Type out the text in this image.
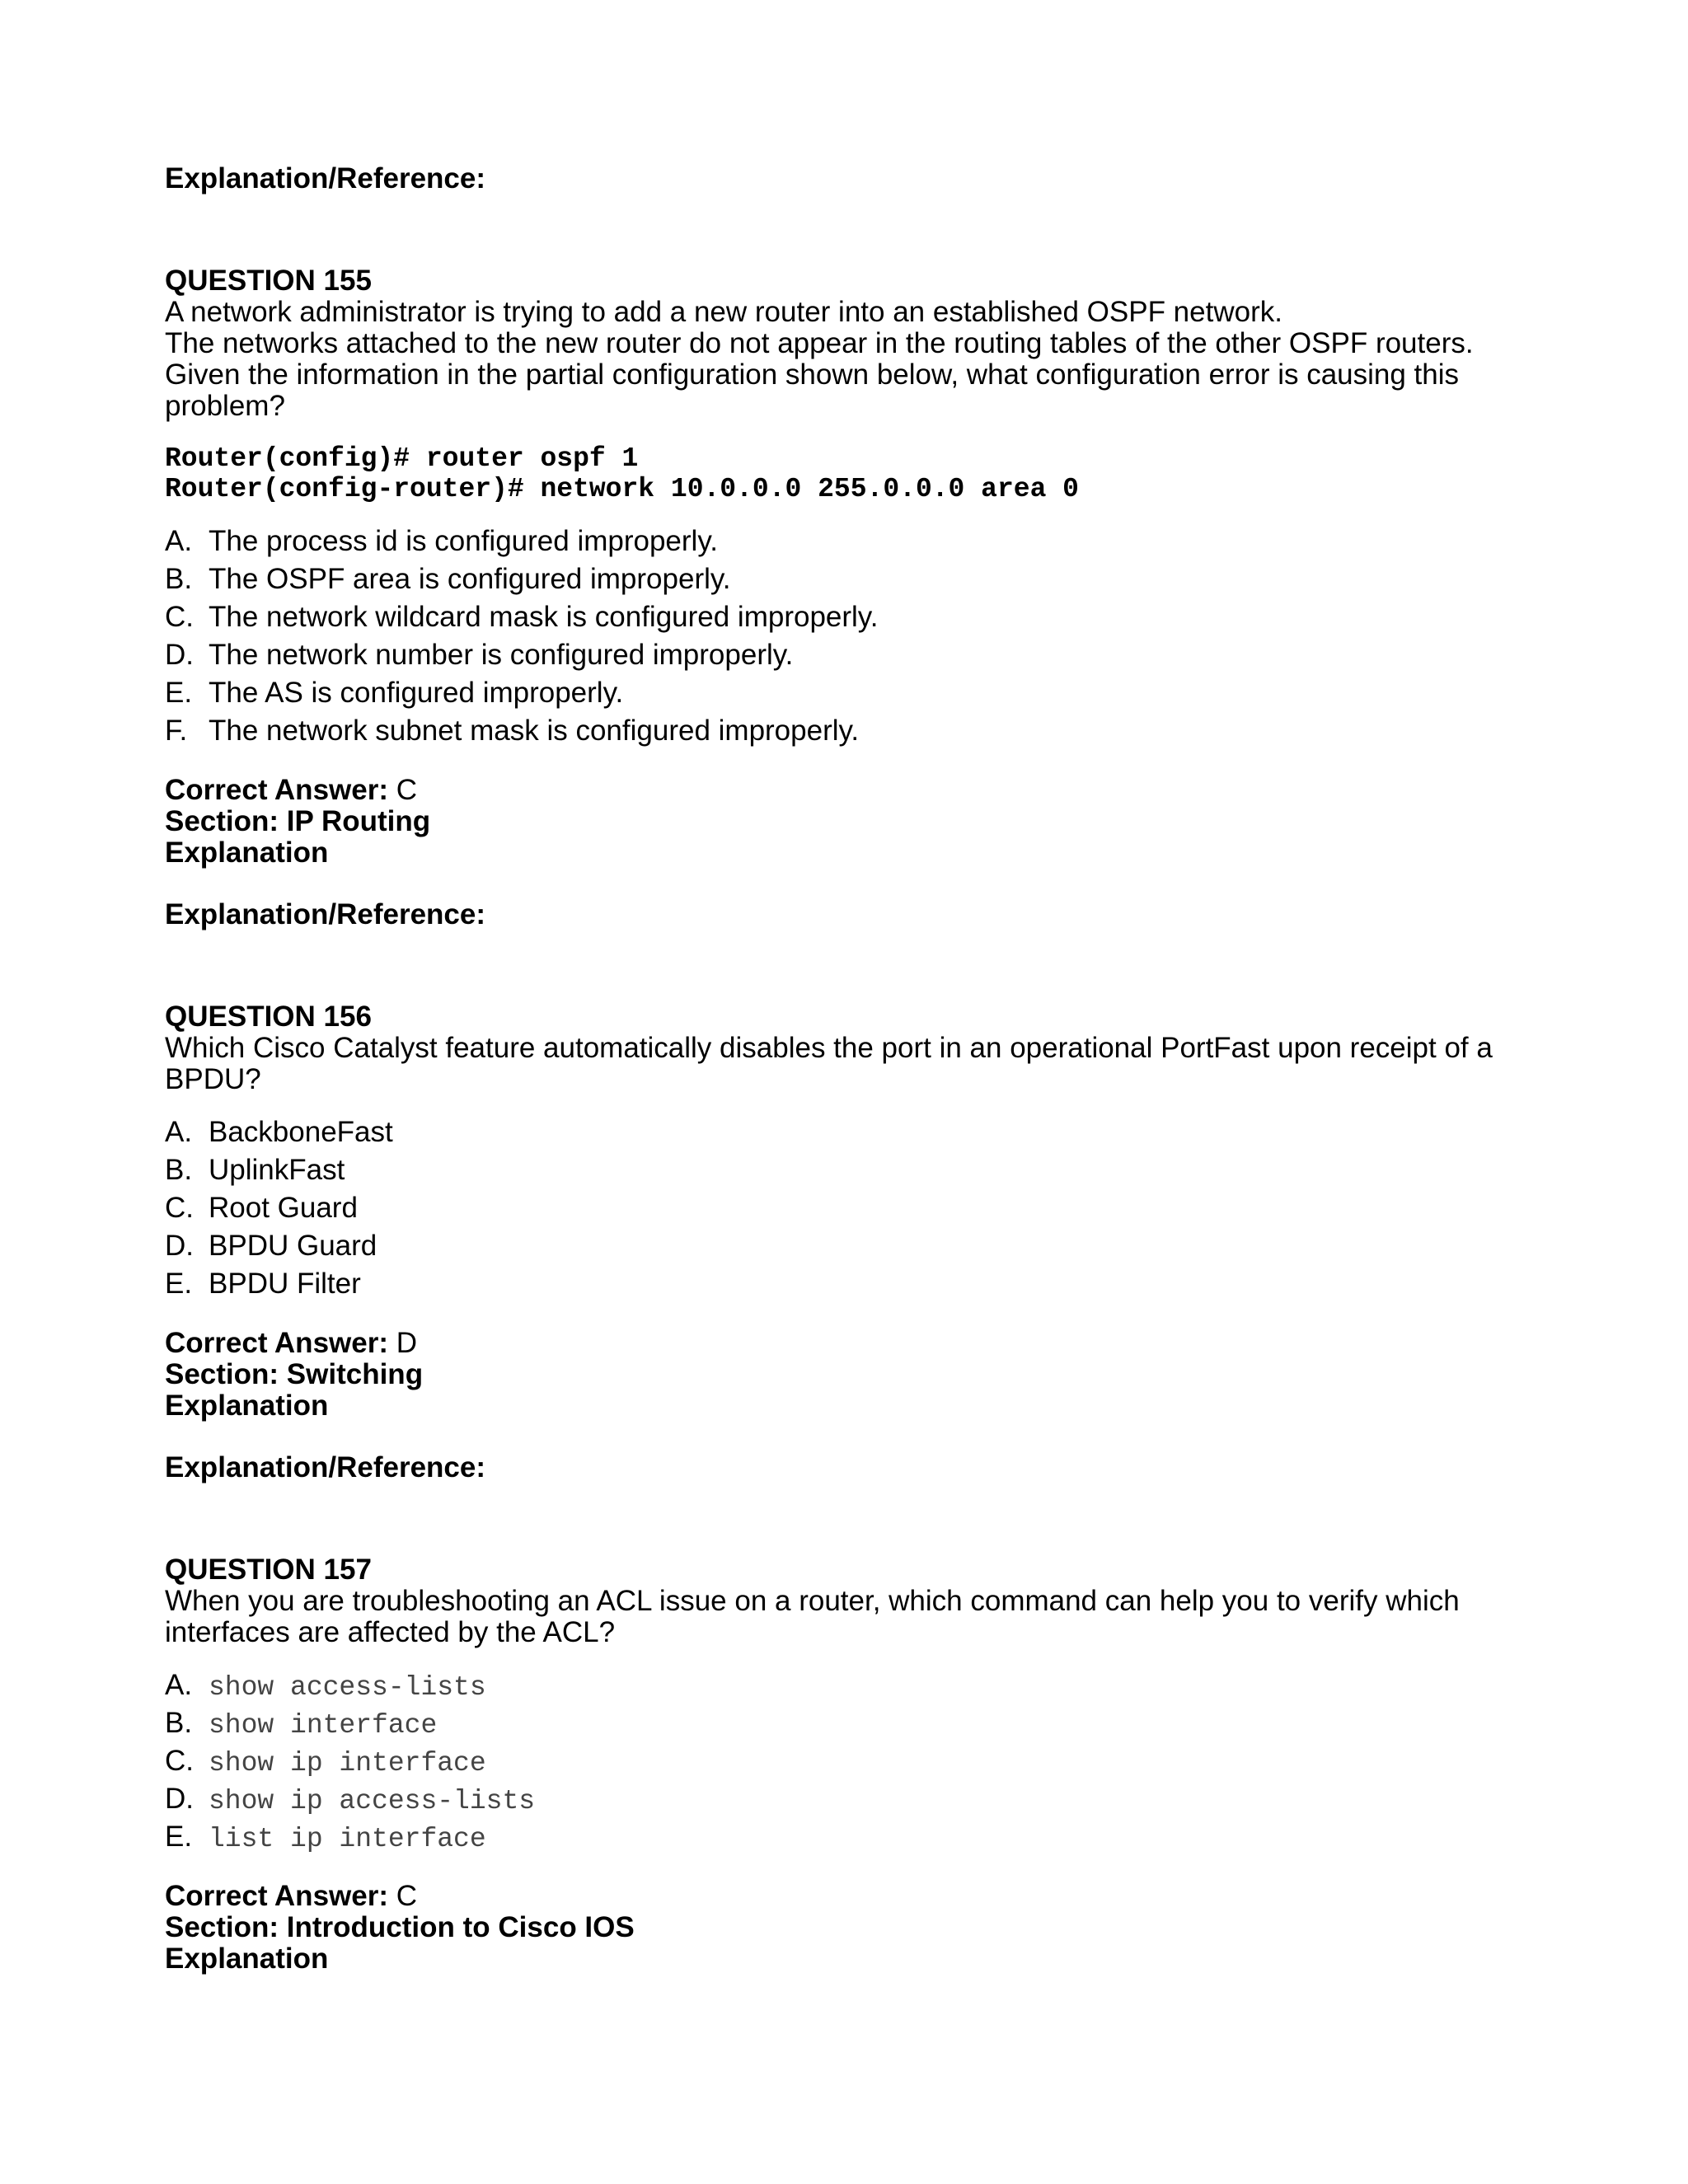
Explanation/Reference:

QUESTION 155

A network administrator is trying to add a new router into an established OSPF network.

The networks attached to the new router do not appear in the routing tables of the other OSPF routers.

Given the information in the partial configuration shown below, what configuration error is causing this problem?

Router(config)# router ospf 1

Router(config-router)# network 10.0.0.0 255.0.0.0 area 0

A. The process id is configured improperly.
B. The OSPF area is configured improperly.
C. The network wildcard mask is configured improperly.
D. The network number is configured improperly.
E. The AS is configured improperly.
F. The network subnet mask is configured improperly.

Correct Answer: C

Section: IP Routing

Explanation

Explanation/Reference:

QUESTION 156

Which Cisco Catalyst feature automatically disables the port in an operational PortFast upon receipt of a

BPDU?

A. BackboneFast
B. UplinkFast
C. Root Guard
D. BPDU Guard
E. BPDU Filter

Correct Answer: D

Section: Switching

Explanation

Explanation/Reference:

QUESTION 157

When you are troubleshooting an ACL issue on a router, which command can help you to verify which

interfaces are affected by the ACL?

A. show access-lists
B. show interface
C. show ip interface
D. show ip access-lists
E. list ip interface

Correct Answer: C

Section: Introduction to Cisco IOS

Explanation
